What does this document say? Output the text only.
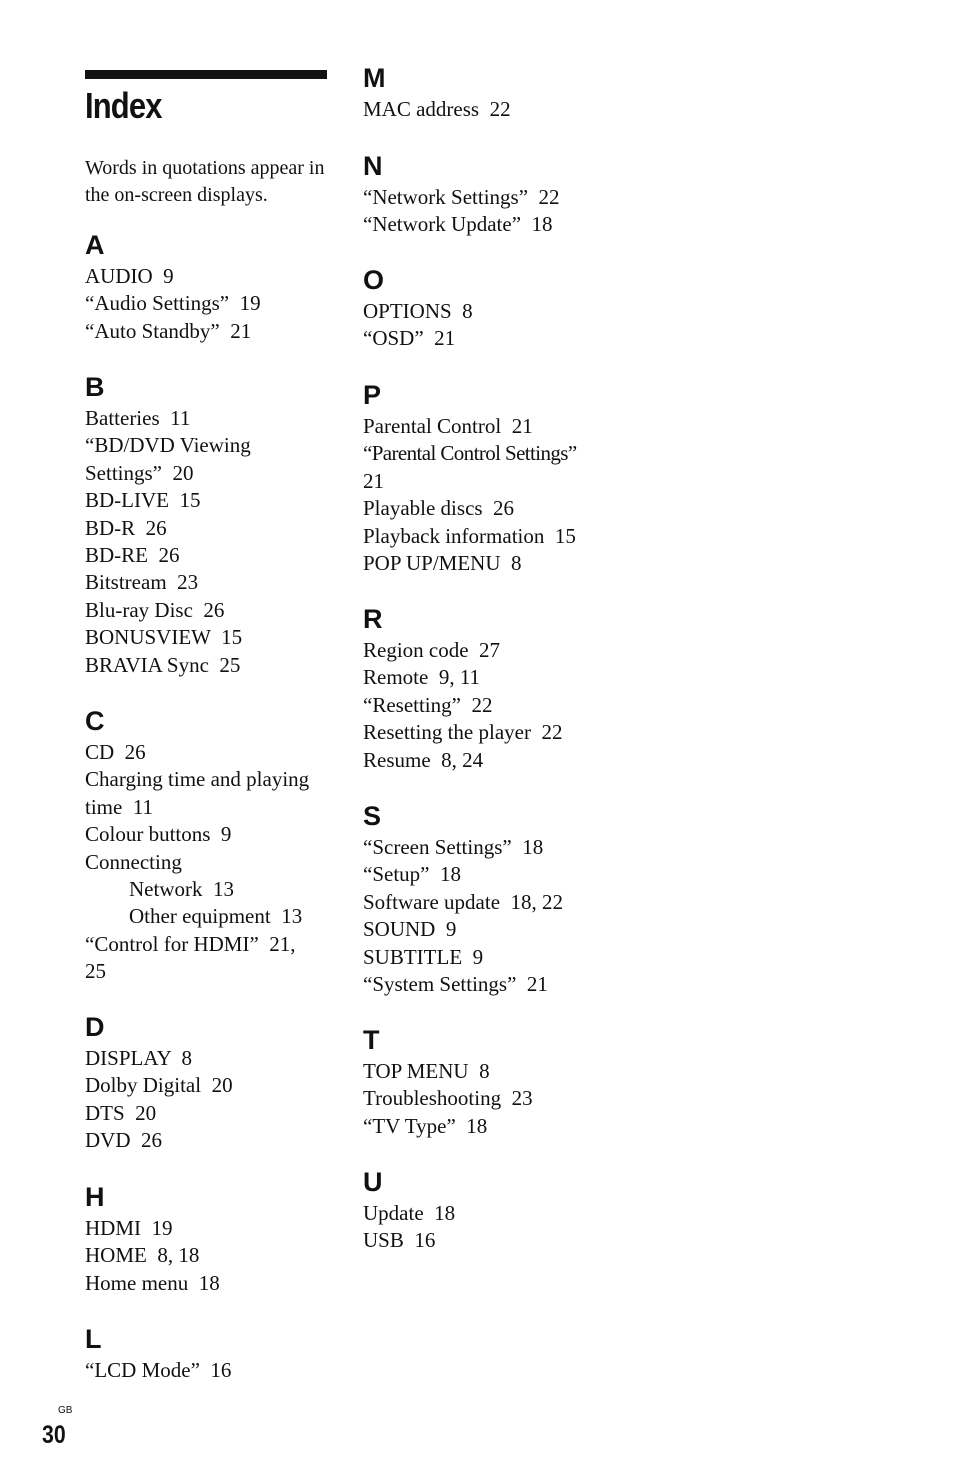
Index
Words in quotations appear in the on-screen displays.
A

AUDIO  9

“Audio Settings”  19

“Auto Standby”  21

B

Batteries  11

“BD/DVD Viewing

Settings”  20

BD-LIVE  15

BD-R  26

BD-RE  26

Bitstream  23

Blu-ray Disc  26

BONUSVIEW  15

BRAVIA Sync  25

C

CD  26

Charging time and playing

time  11

Colour buttons  9

Connecting

Network  13

Other equipment  13

“Control for HDMI”  21,

25

D

DISPLAY  8

Dolby Digital  20

DTS  20

DVD  26

H

HDMI  19

HOME  8, 18

Home menu  18

L

“LCD Mode”  16

M

MAC address  22

N

“Network Settings”  22

“Network Update”  18

O

OPTIONS  8

“OSD”  21

P

Parental Control  21

“Parental Control Settings”

21

Playable discs  26

Playback information  15

POP UP/MENU  8

R

Region code  27

Remote  9, 11

“Resetting”  22

Resetting the player  22

Resume  8, 24

S

“Screen Settings”  18

“Setup”  18

Software update  18, 22

SOUND  9

SUBTITLE  9

“System Settings”  21

T

TOP MENU  8

Troubleshooting  23

“TV Type”  18

U

Update  18

USB  16

GB
30
